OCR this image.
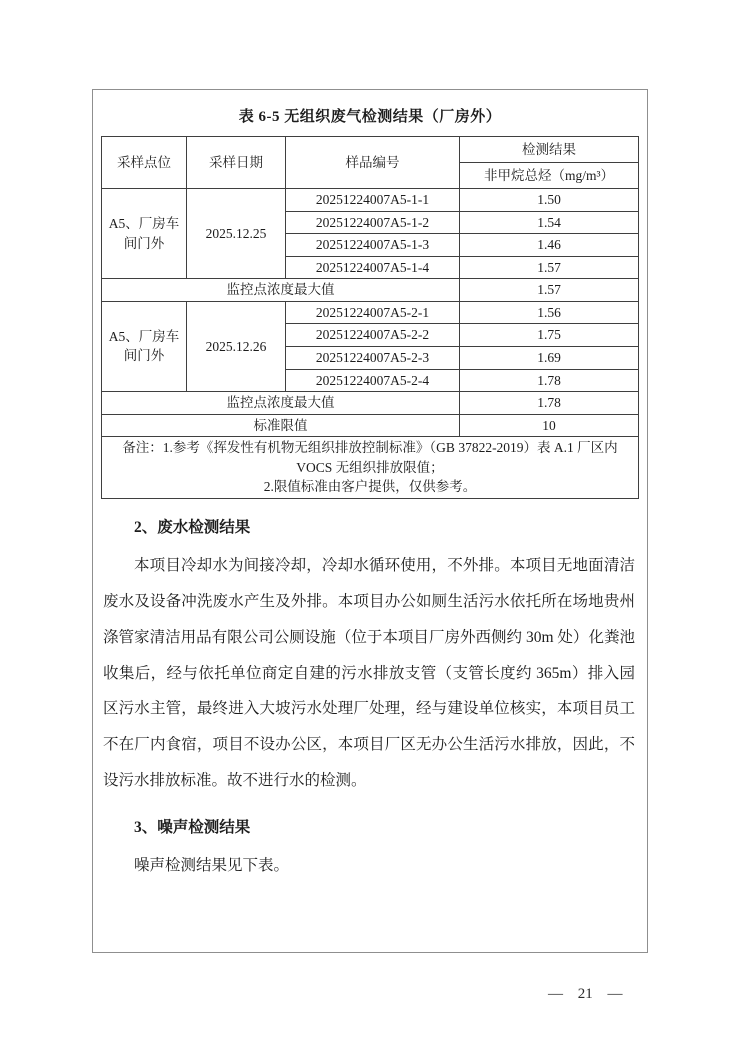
表 6-5 无组织废气检测结果（厂房外）
采样点位	采样日期	样品编号	检测结果
			非甲烷总烃（mg/m³）
A5、厂房车间门外	2025.12.25	20251224007A5-1-1	1.50
		20251224007A5-1-2	1.54
		20251224007A5-1-3	1.46
		20251224007A5-1-4	1.57
监控点浓度最大值			1.57
A5、厂房车间门外	2025.12.26	20251224007A5-2-1	1.56
		20251224007A5-2-2	1.75
		20251224007A5-2-3	1.69
		20251224007A5-2-4	1.78
监控点浓度最大值			1.78
标准限值			10

备注：1.参考《挥发性有机物无组织排放控制标准》（GB 37822-2019）表 A.1 厂区内 VOCS 无组织排放限值；
2.限值标准由客户提供，仅供参考。			
2、废水检测结果
本项目冷却水为间接冷却，冷却水循环使用，不外排。本项目无地面清洁废水及设备冲洗废水产生及外排。本项目办公如厕生活污水依托所在场地贵州涤管家清洁用品有限公司公厕设施（位于本项目厂房外西侧约 30m 处）化粪池收集后，经与依托单位商定自建的污水排放支管（支管长度约 365m）排入园区污水主管，最终进入大坡污水处理厂处理，经与建设单位核实，本项目员工不在厂内食宿，项目不设办公区，本项目厂区无办公生活污水排放，因此，不设污水排放标准。故不进行水的检测。
3、噪声检测结果
噪声检测结果见下表。
— 21 —
